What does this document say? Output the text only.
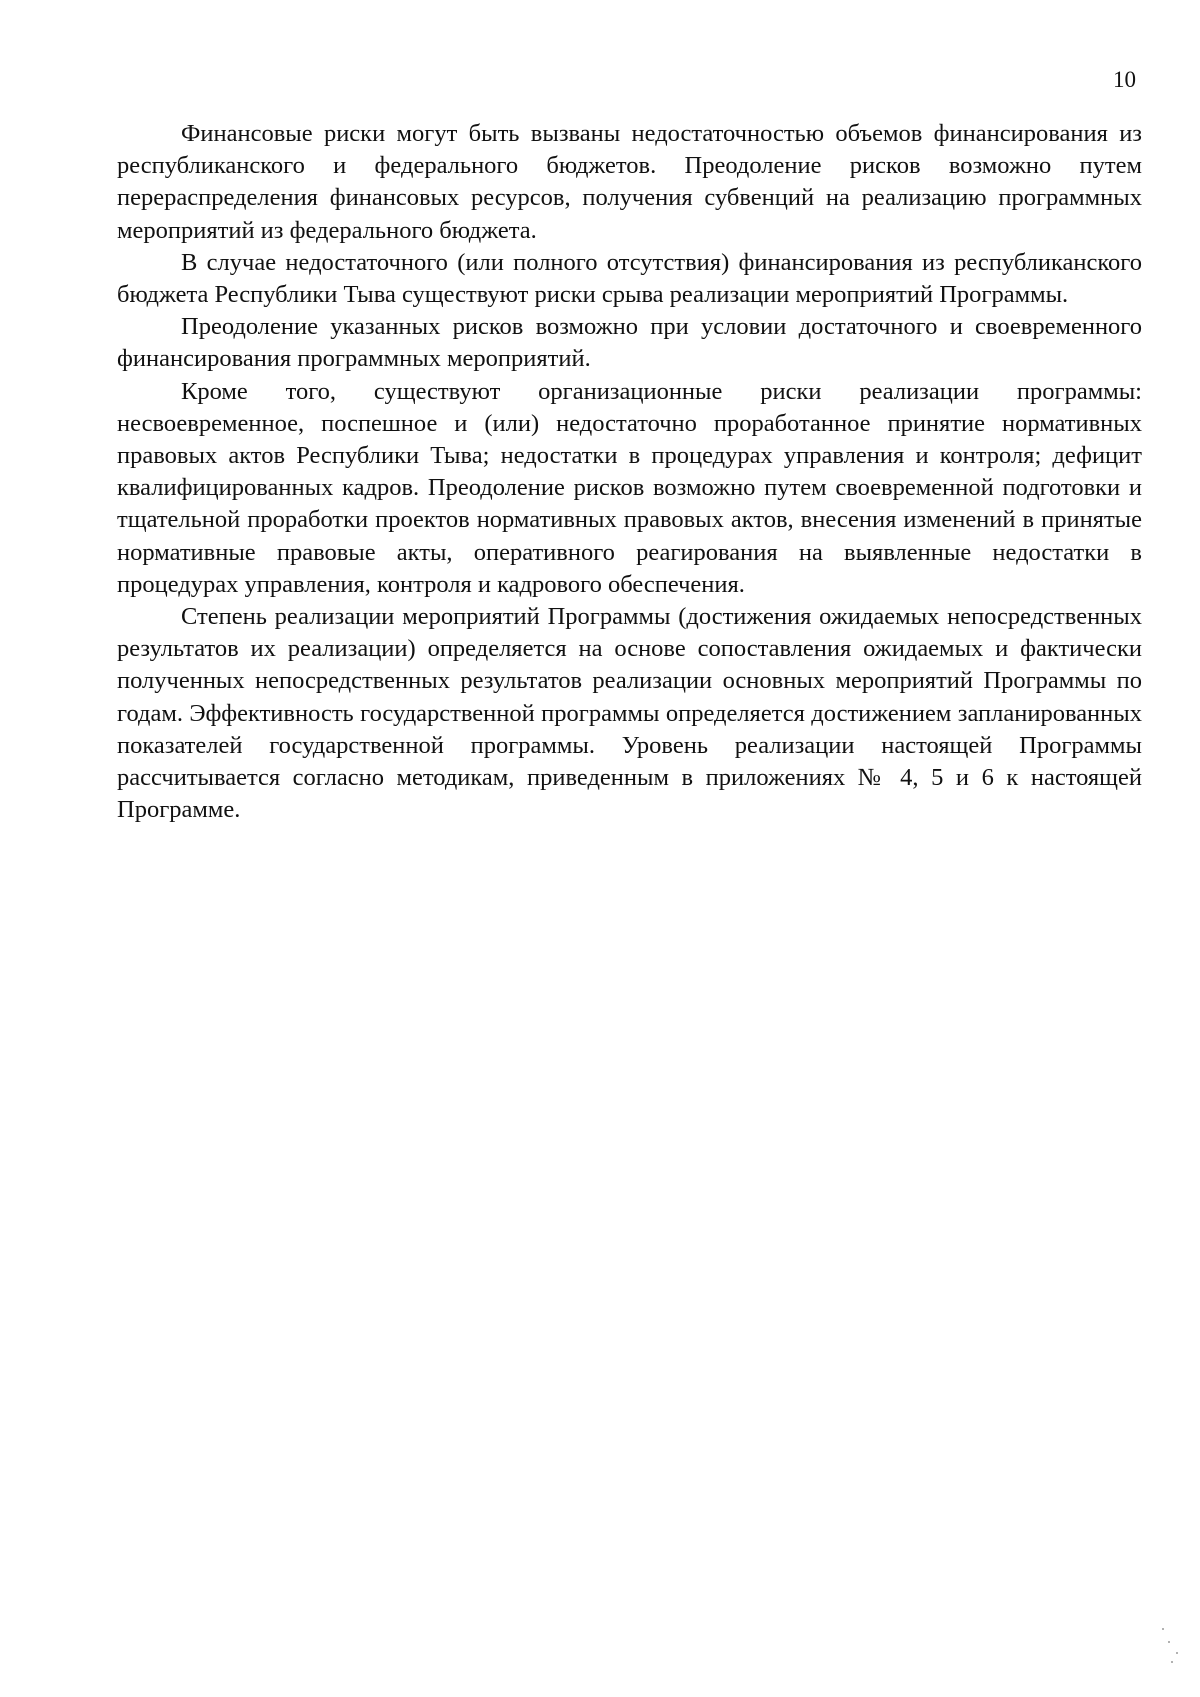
10

Финансовые риски могут быть вызваны недостаточностью объемов финансирования из республиканского и федерального бюджетов. Преодоление рисков возможно путем перераспределения финансовых ресурсов, получения субвенций на реализацию программных мероприятий из федерального бюджета.

В случае недостаточного (или полного отсутствия) финансирования из республиканского бюджета Республики Тыва существуют риски срыва реализации мероприятий Программы.

Преодоление указанных рисков возможно при условии достаточного и своевременного финансирования программных мероприятий.

Кроме того, существуют организационные риски реализации программы: несвоевременное, поспешное и (или) недостаточно проработанное принятие нормативных правовых актов Республики Тыва; недостатки в процедурах управления и контроля; дефицит квалифицированных кадров. Преодоление рисков возможно путем своевременной подготовки и тщательной проработки проектов нормативных правовых актов, внесения изменений в принятые нормативные правовые акты, оперативного реагирования на выявленные недостатки в процедурах управления, контроля и кадрового обеспечения.

Степень реализации мероприятий Программы (достижения ожидаемых непосредственных результатов их реализации) определяется на основе сопоставления ожидаемых и фактически полученных непосредственных результатов реализации основных мероприятий Программы по годам. Эффективность государственной программы определяется достижением запланированных показателей государственной программы. Уровень реализации настоящей Программы рассчитывается согласно методикам, приведенным в приложениях № 4, 5 и 6 к настоящей Программе.
